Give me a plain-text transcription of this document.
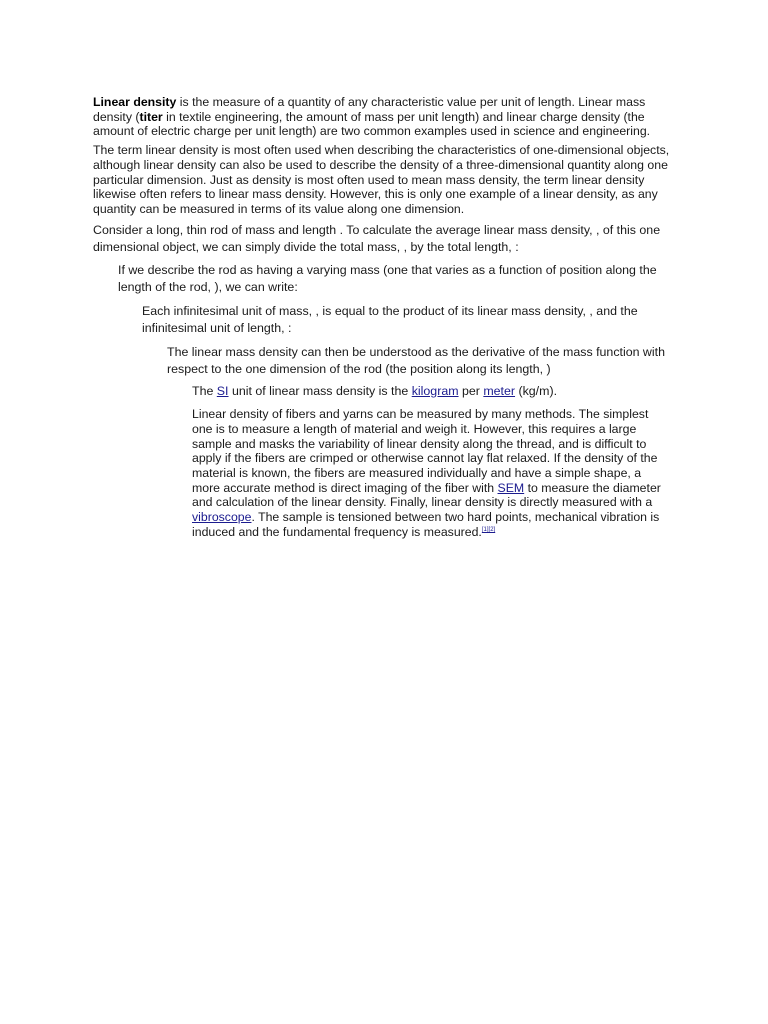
Linear density is the measure of a quantity of any characteristic value per unit of length. Linear mass density (titer in textile engineering, the amount of mass per unit length) and linear charge density (the amount of electric charge per unit length) are two common examples used in science and engineering.

The term linear density is most often used when describing the characteristics of one-dimensional objects, although linear density can also be used to describe the density of a three-dimensional quantity along one particular dimension. Just as density is most often used to mean mass density, the term linear density likewise often refers to linear mass density. However, this is only one example of a linear density, as any quantity can be measured in terms of its value along one dimension.

Consider a long, thin rod of mass and length . To calculate the average linear mass density, , of this one dimensional object, we can simply divide the total mass, , by the total length, :

If we describe the rod as having a varying mass (one that varies as a function of position along the length of the rod, ), we can write:

Each infinitesimal unit of mass, , is equal to the product of its linear mass density, , and the infinitesimal unit of length, :

The linear mass density can then be understood as the derivative of the mass function with respect to the one dimension of the rod (the position along its length, )

The SI unit of linear mass density is the kilogram per meter (kg/m).

Linear density of fibers and yarns can be measured by many methods. The simplest one is to measure a length of material and weigh it. However, this requires a large sample and masks the variability of linear density along the thread, and is difficult to apply if the fibers are crimped or otherwise cannot lay flat relaxed. If the density of the material is known, the fibers are measured individually and have a simple shape, a more accurate method is direct imaging of the fiber with SEM to measure the diameter and calculation of the linear density. Finally, linear density is directly measured with a vibroscope. The sample is tensioned between two hard points, mechanical vibration is induced and the fundamental frequency is measured.[1][2]
